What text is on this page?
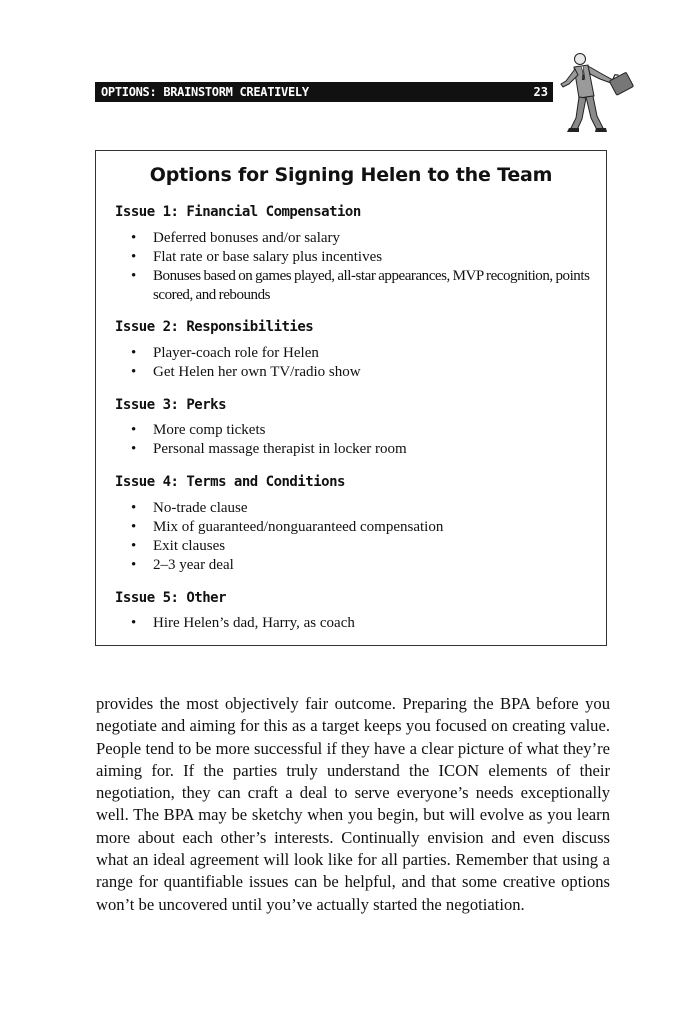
OPTIONS: BRAINSTORM CREATIVELY	23
Options for Signing Helen to the Team
Issue 1: Financial Compensation
• Deferred bonuses and/or salary
• Flat rate or base salary plus incentives
• Bonuses based on games played, all-star appearances, MVP recognition, points scored, and rebounds
Issue 2: Responsibilities
• Player-coach role for Helen
• Get Helen her own TV/radio show
Issue 3: Perks
• More comp tickets
• Personal massage therapist in locker room
Issue 4: Terms and Conditions
• No-trade clause
• Mix of guaranteed/nonguaranteed compensation
• Exit clauses
• 2–3 year deal
Issue 5: Other
• Hire Helen’s dad, Harry, as coach

provides the most objectively fair outcome. Preparing the BPA before you negotiate and aiming for this as a target keeps you focused on creating value. People tend to be more successful if they have a clear picture of what they’re aiming for. If the parties truly understand the ICON elements of their negotiation, they can craft a deal to serve everyone’s needs exceptionally well. The BPA may be sketchy when you begin, but will evolve as you learn more about each other’s interests. Continually envision and even discuss what an ideal agreement will look like for all parties. Remember that using a range for quantifiable issues can be helpful, and that some creative options won’t be uncovered until you’ve actually started the negotiation.
